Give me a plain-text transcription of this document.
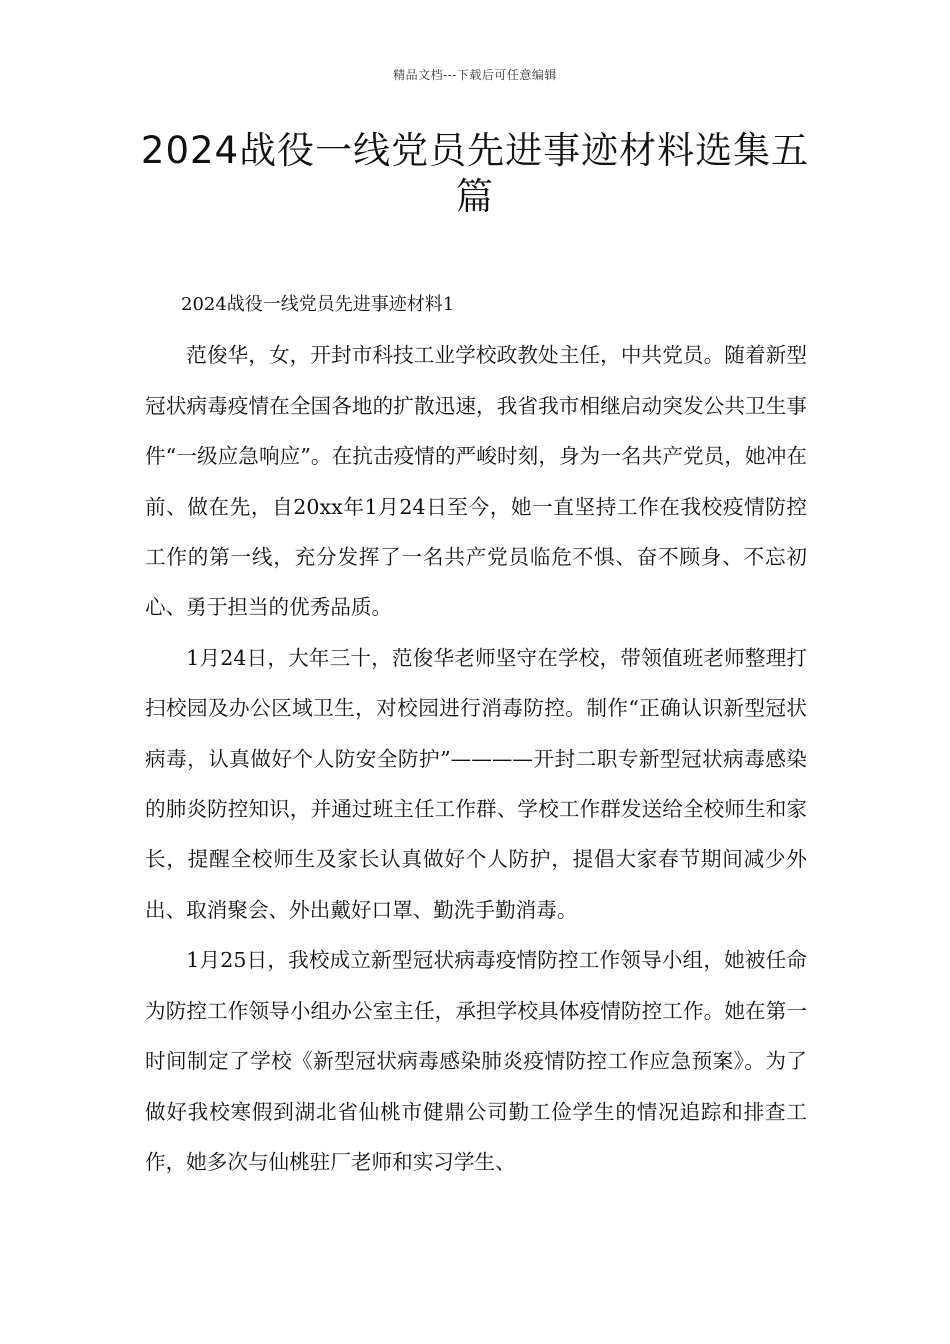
精品文档---下载后可任意编辑
2024战役一线党员先进事迹材料选集五篇

2024战役一线党员先进事迹材料1

范俊华，女，开封市科技工业学校政教处主任，中共党员。随着新型冠状病毒疫情在全国各地的扩散迅速，我省我市相继启动突发公共卫生事件“一级应急响应”。在抗击疫情的严峻时刻，身为一名共产党员，她冲在前、做在先，自20xx年1月24日至今，她一直坚持工作在我校疫情防控工作的第一线，充分发挥了一名共产党员临危不惧、奋不顾身、不忘初心、勇于担当的优秀品质。

1月24日，大年三十，范俊华老师坚守在学校，带领值班老师整理打扫校园及办公区域卫生，对校园进行消毒防控。制作“正确认识新型冠状病毒，认真做好个人防安全防护”————开封二职专新型冠状病毒感染的肺炎防控知识，并通过班主任工作群、学校工作群发送给全校师生和家长，提醒全校师生及家长认真做好个人防护，提倡大家春节期间减少外出、取消聚会、外出戴好口罩、勤洗手勤消毒。

1月25日，我校成立新型冠状病毒疫情防控工作领导小组，她被任命为防控工作领导小组办公室主任，承担学校具体疫情防控工作。她在第一时间制定了学校《新型冠状病毒感染肺炎疫情防控工作应急预案》。为了做好我校寒假到湖北省仙桃市健鼎公司勤工俭学生的情况追踪和排查工作，她多次与仙桃驻厂老师和实习学生、
